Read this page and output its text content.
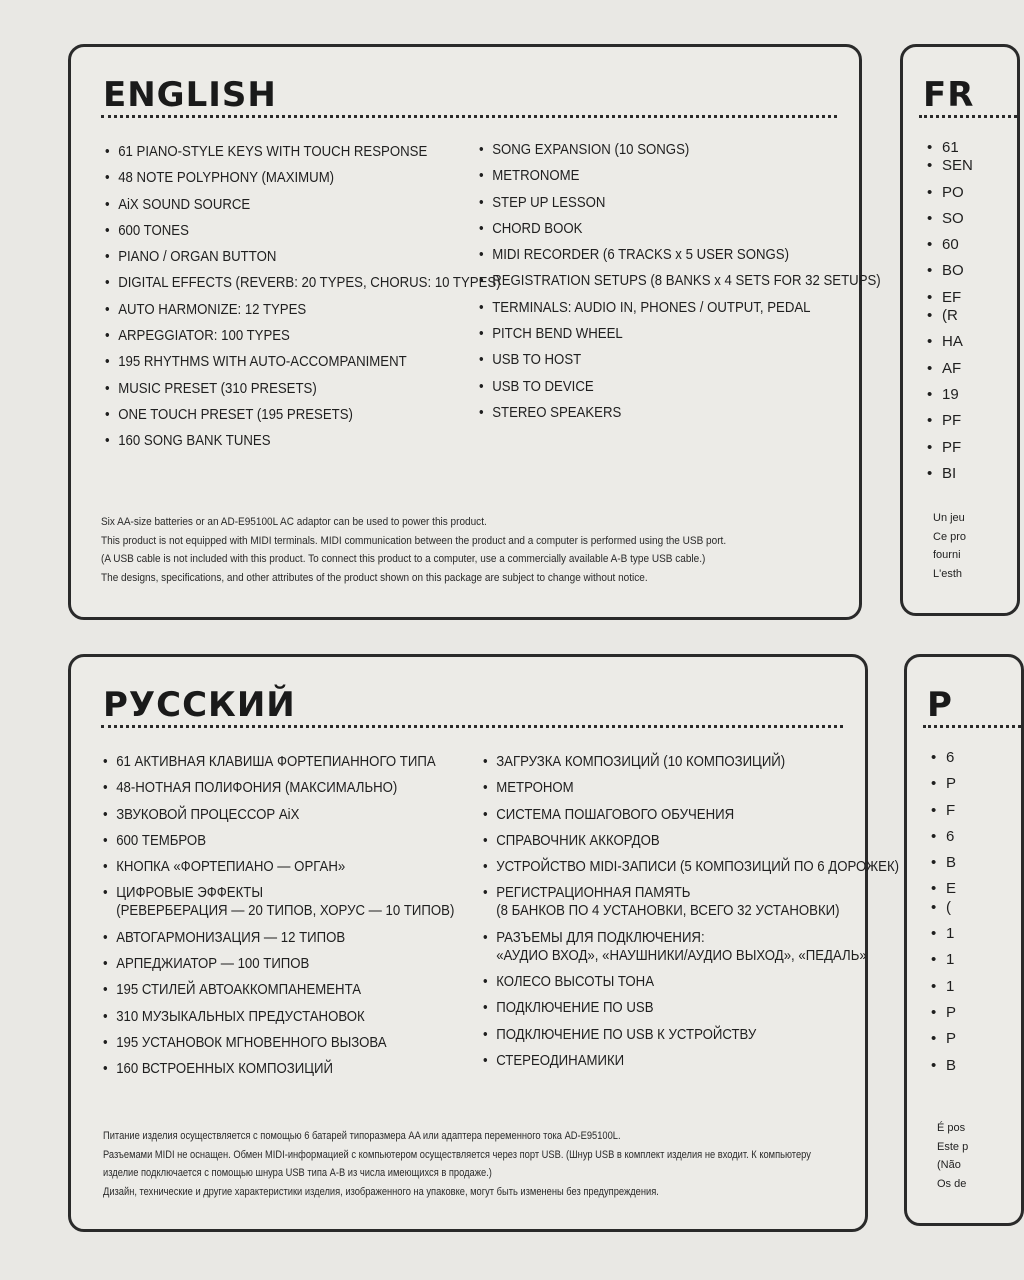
ENGLISH
• 61 PIANO-STYLE KEYS WITH TOUCH RESPONSE
• 48 NOTE POLYPHONY (MAXIMUM)
• AiX SOUND SOURCE
• 600 TONES
• PIANO / ORGAN BUTTON
• DIGITAL EFFECTS (REVERB: 20 TYPES, CHORUS: 10 TYPES)
• AUTO HARMONIZE: 12 TYPES
• ARPEGGIATOR: 100 TYPES
• 195 RHYTHMS WITH AUTO-ACCOMPANIMENT
• MUSIC PRESET (310 PRESETS)
• ONE TOUCH PRESET (195 PRESETS)
• 160 SONG BANK TUNES
• SONG EXPANSION (10 SONGS)
• METRONOME
• STEP UP LESSON
• CHORD BOOK
• MIDI RECORDER (6 TRACKS x 5 USER SONGS)
• REGISTRATION SETUPS (8 BANKS x 4 SETS FOR 32 SETUPS)
• TERMINALS: AUDIO IN, PHONES / OUTPUT, PEDAL
• PITCH BEND WHEEL
• USB TO HOST
• USB TO DEVICE
• STEREO SPEAKERS
Six AA-size batteries or an AD-E95100L AC adaptor can be used to power this product.
This product is not equipped with MIDI terminals. MIDI communication between the product and a computer is performed using the USB port.
(A USB cable is not included with this product. To connect this product to a computer, use a commercially available A-B type USB cable.)
The designs, specifications, and other attributes of the product shown on this package are subject to change without notice.
РУССКИЙ
• 61 АКТИВНАЯ КЛАВИША ФОРТЕПИАННОГО ТИПА
• 48-НОТНАЯ ПОЛИФОНИЯ (МАКСИМАЛЬНО)
• ЗВУКОВОЙ ПРОЦЕССОР AiX
• 600 ТЕМБРОВ
• КНОПКА «ФОРТЕПИАНО — ОРГАН»
• ЦИФРОВЫЕ ЭФФЕКТЫ
(РЕВЕРБЕРАЦИЯ — 20 ТИПОВ, ХОРУС — 10 ТИПОВ)
• АВТОГАРМОНИЗАЦИЯ — 12 ТИПОВ
• АРПЕДЖИАТОР — 100 ТИПОВ
• 195 СТИЛЕЙ АВТОАККОМПАНЕМЕНТА
• 310 МУЗЫКАЛЬНЫХ ПРЕДУСТАНОВОК
• 195 УСТАНОВОК МГНОВЕННОГО ВЫЗОВА
• 160 ВСТРОЕННЫХ КОМПОЗИЦИЙ
• ЗАГРУЗКА КОМПОЗИЦИЙ (10 КОМПОЗИЦИЙ)
• МЕТРОНОМ
• СИСТЕМА ПОШАГОВОГО ОБУЧЕНИЯ
• СПРАВОЧНИК АККОРДОВ
• УСТРОЙСТВО MIDI-ЗАПИСИ (5 КОМПОЗИЦИЙ ПО 6 ДОРОЖЕК)
• РЕГИСТРАЦИОННАЯ ПАМЯТЬ
(8 БАНКОВ ПО 4 УСТАНОВКИ, ВСЕГО 32 УСТАНОВКИ)
• РАЗЪЕМЫ ДЛЯ ПОДКЛЮЧЕНИЯ:
«АУДИО ВХОД», «НАУШНИКИ/АУДИО ВЫХОД», «ПЕДАЛЬ»
• КОЛЕСО ВЫСОТЫ ТОНА
• ПОДКЛЮЧЕНИЕ ПО USB
• ПОДКЛЮЧЕНИЕ ПО USB К УСТРОЙСТВУ
• СТЕРЕОДИНАМИКИ
Питание изделия осуществляется с помощью 6 батарей типоразмера AA или адаптера переменного тока AD-E95100L.
Разъемами MIDI не оснащен. Обмен MIDI-информацией с компьютером осуществляется через порт USB. (Шнур USB в комплект изделия не входит. К компьютеру
изделие подключается с помощью шнура USB типа A-B из числа имеющихся в продаже.)
Дизайн, технические и другие характеристики изделия, изображенного на упаковке, могут быть изменены без предупреждения.
FR
• 61
• SEN
• PO
• SO
• 60
• BO
• EF
• (R
• HA
• AF
• 19
• PF
• PF
• BI
Un jeu
Ce pro
fourni
L'esth
P
• 6
• P
• F
• 6
• B
• E
• (
• 1
• 1
• 1
• P
• P
• B
É pos
Este p
(Não
Os de
